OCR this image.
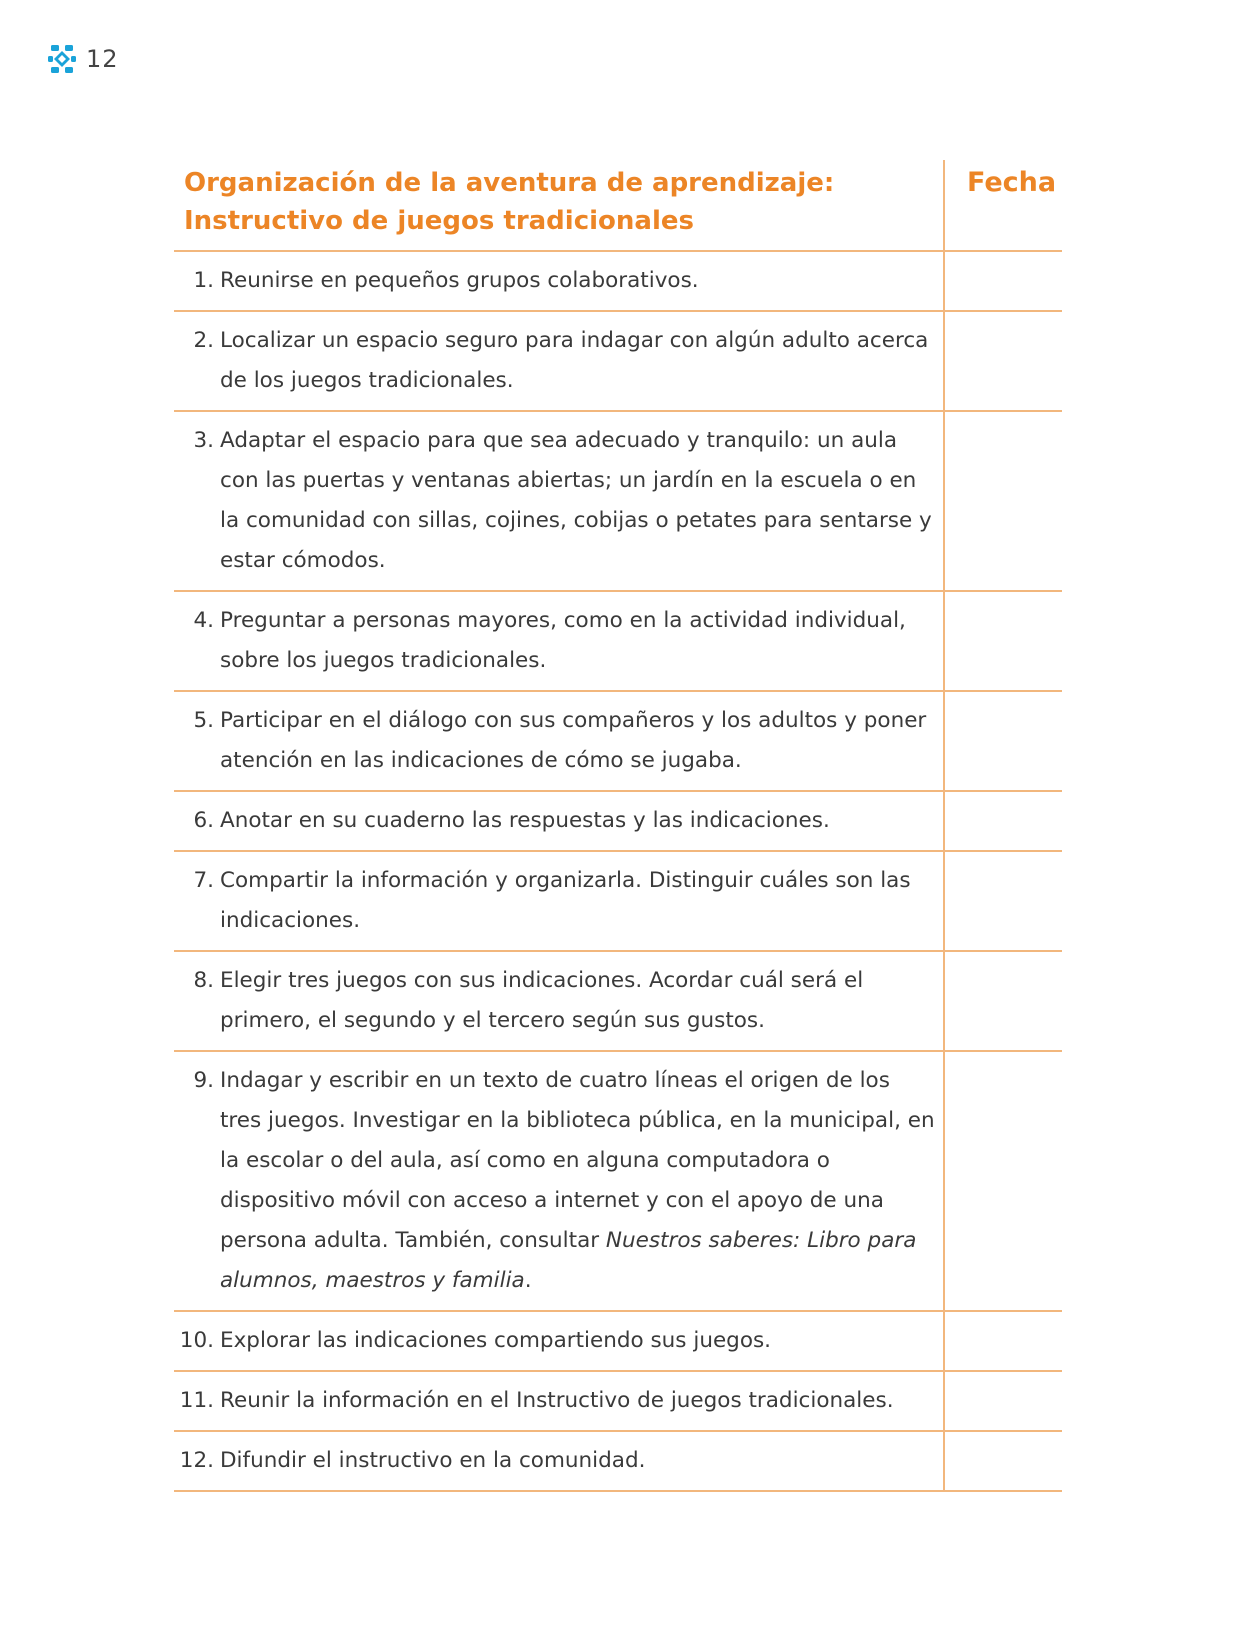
12
Organización de la aventura de aprendizaje:
Instructivo de juegos tradicionales	Fecha

1. Reunirse en pequeños grupos colaborativos.	

2. Localizar un espacio seguro para indagar con algún adulto acerca de los juegos tradicionales.	

3. Adaptar el espacio para que sea adecuado y tranquilo: un aula con las puertas y ventanas abiertas; un jardín en la escuela o en la comunidad con sillas, cojines, cobijas o petates para sentarse y estar cómodos.	

4. Preguntar a personas mayores, como en la actividad individual, sobre los juegos tradicionales.	

5. Participar en el diálogo con sus compañeros y los adultos y poner atención en las indicaciones de cómo se jugaba.	

6. Anotar en su cuaderno las respuestas y las indicaciones.	

7. Compartir la información y organizarla. Distinguir cuáles son las indicaciones.	

8. Elegir tres juegos con sus indicaciones. Acordar cuál será el primero, el segundo y el tercero según sus gustos.	

9. Indagar y escribir en un texto de cuatro líneas el origen de los tres juegos. Investigar en la biblioteca pública, en la municipal, en la escolar o del aula, así como en alguna computadora o dispositivo móvil con acceso a internet y con el apoyo de una persona adulta. También, consultar Nuestros saberes: Libro para alumnos, maestros y familia.	

10. Explorar las indicaciones compartiendo sus juegos.	

11. Reunir la información en el Instructivo de juegos tradicionales.	

12. Difundir el instructivo en la comunidad.	
